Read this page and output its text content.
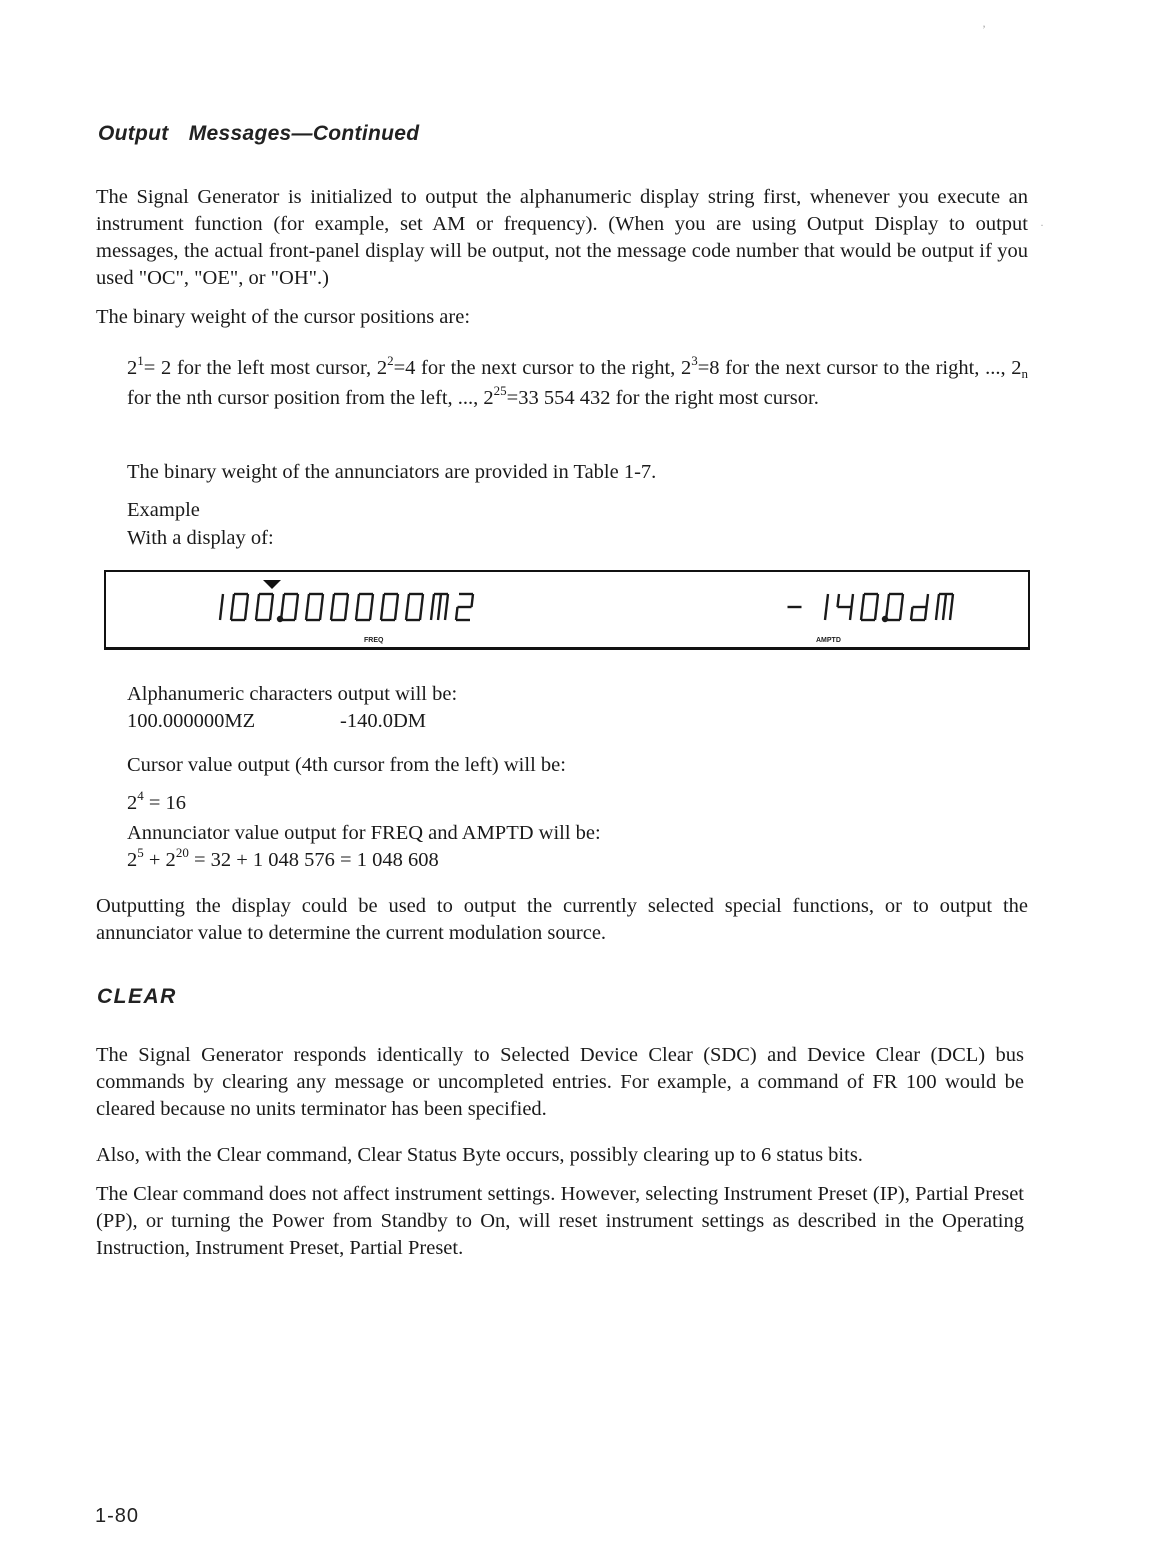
Output Messages—Continued

The Signal Generator is initialized to output the alphanumeric display string first, whenever you execute an instrument function (for example, set AM or frequency). (When you are using Output Display to output messages, the actual front-panel display will be output, not the message code number that would be output if you used "OC", "OE", or "OH".)

The binary weight of the cursor positions are:

$2^1= 2$ for the left most cursor, $2^2=4$ for the next cursor to the right, $2^3=8$ for the next cursor to the right, ..., $2_n$ for the nth cursor position from the left, ..., $2^{25}=33$ 554 432 for the right most cursor.

The binary weight of the annunciators are provided in Table 1-7.

Example
With a display of:
FREQ	AMPTD
Alphanumeric characters output will be:
100.000000MZ	-140.0DM
Cursor value output (4th cursor from the left) will be:
$2^4 = 16$
Annunciator value output for FREQ and AMPTD will be:
$2^5 + 2^{20} = 32 + 1$ 048 576 = 1 048 608

Outputting the display could be used to output the currently selected special functions, or to output the annunciator value to determine the current modulation source.

CLEAR

The Signal Generator responds identically to Selected Device Clear (SDC) and Device Clear (DCL) bus commands by clearing any message or uncompleted entries. For example, a command of FR 100 would be cleared because no units terminator has been specified.

Also, with the Clear command, Clear Status Byte occurs, possibly clearing up to 6 status bits.

The Clear command does not affect instrument settings. However, selecting Instrument Preset (IP), Partial Preset (PP), or turning the Power from Standby to On, will reset instrument settings as described in the Operating Instruction, Instrument Preset, Partial Preset.

1-80
’
·
